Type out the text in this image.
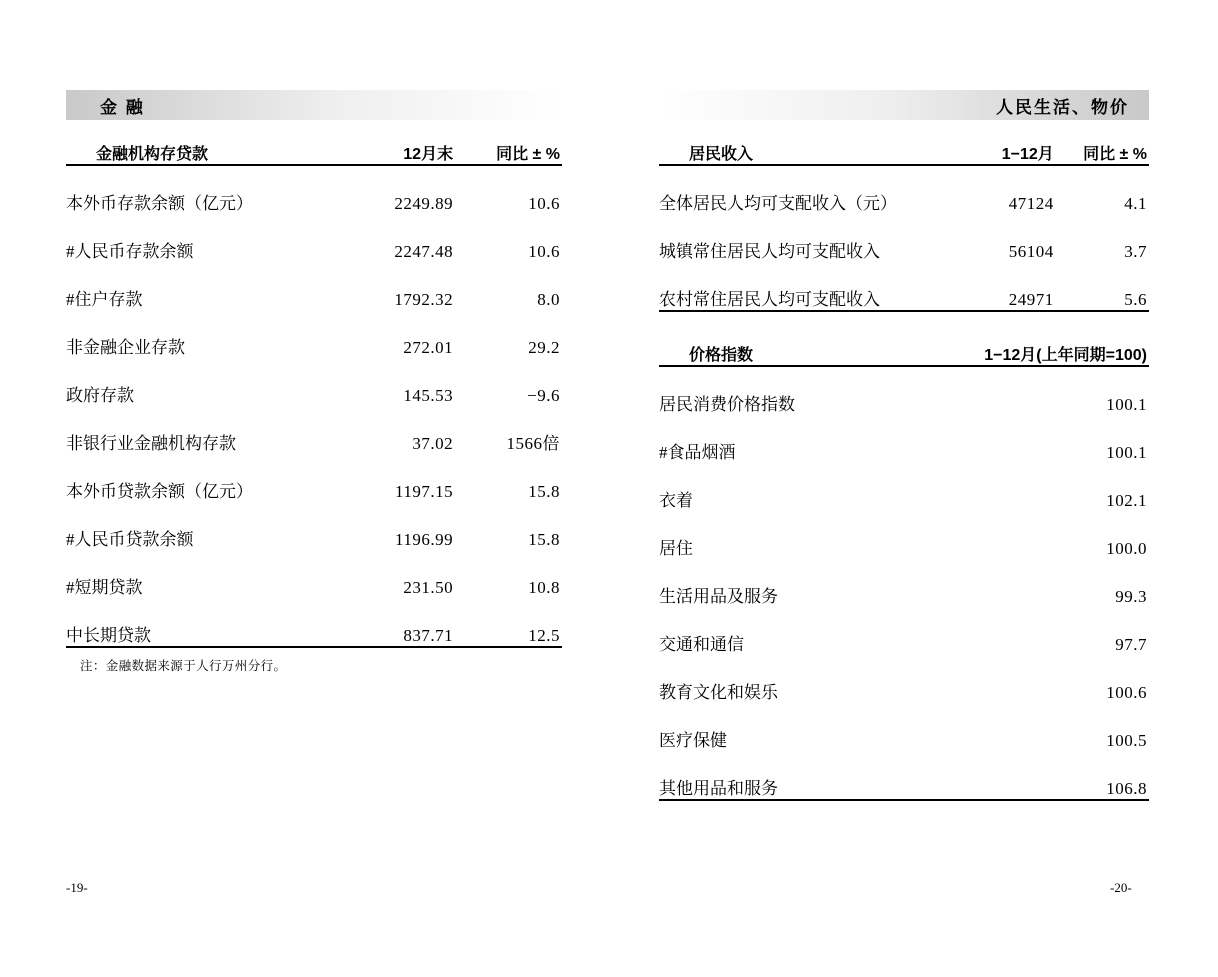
金 融
金融机构存贷款	12月末	同比 ± %
本外币存款余额（亿元）	2249.89	10.6
#人民币存款余额	2247.48	10.6
#住户存款	1792.32	8.0
非金融企业存款	272.01	29.2
政府存款	145.53	−9.6
非银行业金融机构存款	37.02	1566倍
本外币贷款余额（亿元）	1197.15	15.8
#人民币贷款余额	1196.99	15.8
#短期贷款	231.50	10.8
中长期贷款	837.71	12.5
注：金融数据来源于人行万州分行。
人民生活、物价
居民收入	1−12月	同比 ± %
全体居民人均可支配收入（元）	47124	4.1
城镇常住居民人均可支配收入	56104	3.7
农村常住居民人均可支配收入	24971	5.6
价格指数	1−12月(上年同期=100)
居民消费价格指数	100.1
#食品烟酒	100.1
衣着	102.1
居住	100.0
生活用品及服务	99.3
交通和通信	97.7
教育文化和娱乐	100.6
医疗保健	100.5
其他用品和服务	106.8
-19-	-20-
